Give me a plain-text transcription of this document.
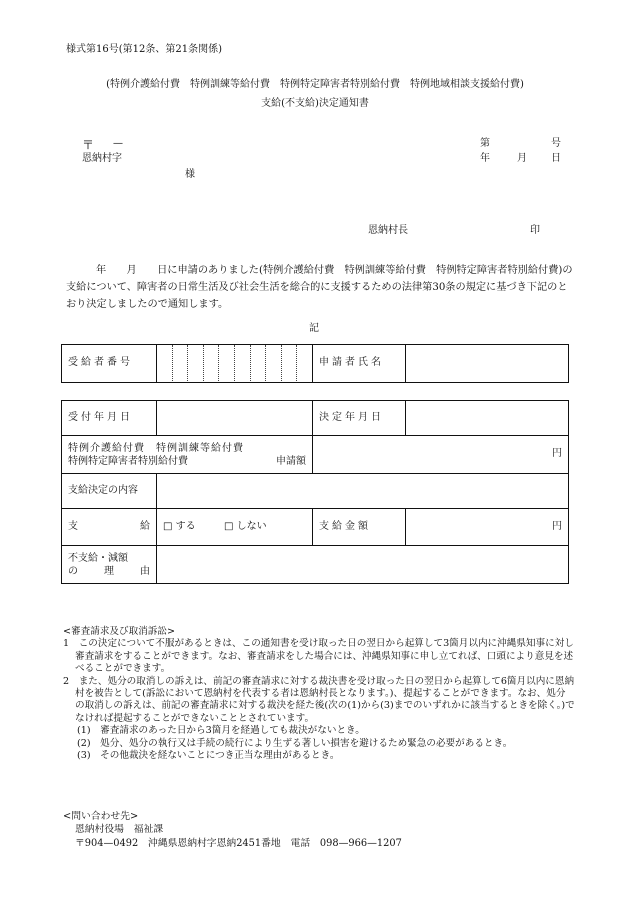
様式第16号(第12条、第21条関係)
(特例介護給付費　特例訓練等給付費　特例特定障害者特別給付費　特例地域相談支援給付費)
支給(不支給)決定通知書
〒 —
恩納村字
様
第	号
年	月 日
恩納村長	印
年　　月　　日に申請のありました(特例介護給付費　特例訓練等給付費　特例特定障害者特別給付費)の支給について、障害者の日常生活及び社会生活を総合的に支援するための法律第30条の規定に基づき下記のとおり決定しましたので通知します。
記
受給者番号		申請者氏名	
受付年月日		決定年月日	

特例介護給付費　特例訓練等給付費
特例特定障害者特別給付費 申請額		円	
支給決定の内容			

支 給	□ する □ しない	支給金額	円

不支給・減額
の 理 由			

<審査請求及び取消訴訟>

1　この決定について不服があるときは、この通知書を受け取った日の翌日から起算して3箇月以内に沖縄県知事に対し審査請求をすることができます。なお、審査請求をした場合には、沖縄県知事に申し立てれば、口頭により意見を述べることができます。

2　また、処分の取消しの訴えは、前記の審査請求に対する裁決書を受け取った日の翌日から起算して6箇月以内に恩納村を被告として(訴訟において恩納村を代表する者は恩納村長となります。)、提起することができます。なお、処分の取消しの訴えは、前記の審査請求に対する裁決を経た後(次の(1)から(3)までのいずれかに該当するときを除く。)でなければ提起することができないこととされています。

(1)　審査請求のあった日から3箇月を経過しても裁決がないとき。

(2)　処分、処分の執行又は手続の続行により生ずる著しい損害を避けるため緊急の必要があるとき。

(3)　その他裁決を経ないことにつき正当な理由があるとき。

<問い合わせ先>

恩納村役場　福祉課

〒904—0492　沖縄県恩納村字恩納2451番地　電話　098—966—1207
